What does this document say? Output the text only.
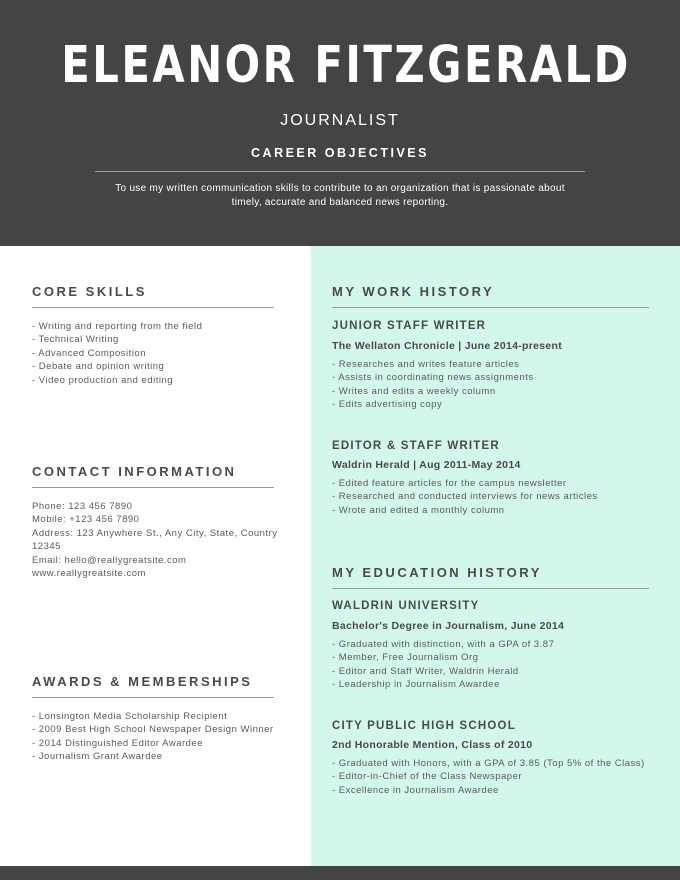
ELEANOR FITZGERALD
JOURNALIST
CAREER OBJECTIVES
To use my written communication skills to contribute to an organization that is passionate about timely, accurate and balanced news reporting.
CORE SKILLS
- Writing and reporting from the field
- Technical Writing
- Advanced Composition
- Debate and opinion writing
- Video production and editing
CONTACT INFORMATION
Phone: 123 456 7890
Mobile: +123 456 7890
Address: 123 Anywhere St., Any City, State, Country
12345
Email: hello@reallygreatsite.com
www.reallygreatsite.com
AWARDS & MEMBERSHIPS
- Lonsington Media Scholarship Recipient
- 2009 Best High School Newspaper Design Winner
- 2014 Distinguished Editor Awardee
- Journalism Grant Awardee
MY WORK HISTORY
JUNIOR STAFF WRITER
The Wellaton Chronicle | June 2014-present
- Researches and writes feature articles
- Assists in coordinating news assignments
- Writes and edits a weekly column
- Edits advertising copy
EDITOR & STAFF WRITER
Waldrin Herald | Aug 2011-May 2014
- Edited feature articles for the campus newsletter
- Researched and conducted interviews for news articles
- Wrote and edited a monthly column
MY EDUCATION HISTORY
WALDRIN UNIVERSITY
Bachelor's Degree in Journalism, June 2014
- Graduated with distinction, with a GPA of 3.87
- Member, Free Journalism Org
- Editor and Staff Writer, Waldrin Herald
- Leadership in Journalism Awardee
CITY PUBLIC HIGH SCHOOL
2nd Honorable Mention, Class of 2010
- Graduated with Honors, with a GPA of 3.85 (Top 5% of the Class)
- Editor-in-Chief of the Class Newspaper
- Excellence in Journalism Awardee
